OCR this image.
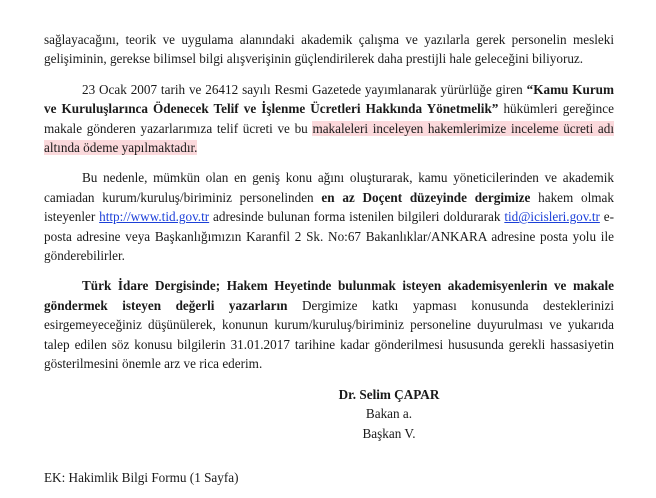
sağlayacağını, teorik ve uygulama alanındaki akademik çalışma ve yazılarla gerek personelin mesleki gelişiminin, gerekse bilimsel bilgi alışverişinin güçlendirilerek daha prestijli hale geleceğini biliyoruz.

23 Ocak 2007 tarih ve 26412 sayılı Resmi Gazetede yayımlanarak yürürlüğe giren “Kamu Kurum ve Kuruluşlarınca Ödenecek Telif ve İşlenme Ücretleri Hakkında Yönetmelik” hükümleri gereğince makale gönderen yazarlarımıza telif ücreti ve bu makaleleri inceleyen hakemlerimize inceleme ücreti adı altında ödeme yapılmaktadır.

Bu nedenle, mümkün olan en geniş konu ağını oluşturarak, kamu yöneticilerinden ve akademik camiadan kurum/kuruluş/biriminiz personelinden en az Doçent düzeyinde dergimize hakem olmak isteyenler http://www.tid.gov.tr adresinde bulunan forma istenilen bilgileri doldurarak tid@icisleri.gov.tr e-posta adresine veya Başkanlığımızın Karanfil 2 Sk. No:67 Bakanlıklar/ANKARA adresine posta yolu ile gönderebilirler.

Türk İdare Dergisinde; Hakem Heyetinde bulunmak isteyen akademisyenlerin ve makale göndermek isteyen değerli yazarların Dergimize katkı yapması konusunda desteklerinizi esirgemeyeceğiniz düşünülerek, konunun kurum/kuruluş/biriminiz personeline duyurulması ve yukarıda talep edilen söz konusu bilgilerin 31.01.2017 tarihine kadar gönderilmesi hususunda gerekli hassasiyetin gösterilmesini önemle arz ve rica ederim.

Dr. Selim ÇAPAR
Bakan a.
Başkan V.
EK: Hakimlik Bilgi Formu (1 Sayfa)
